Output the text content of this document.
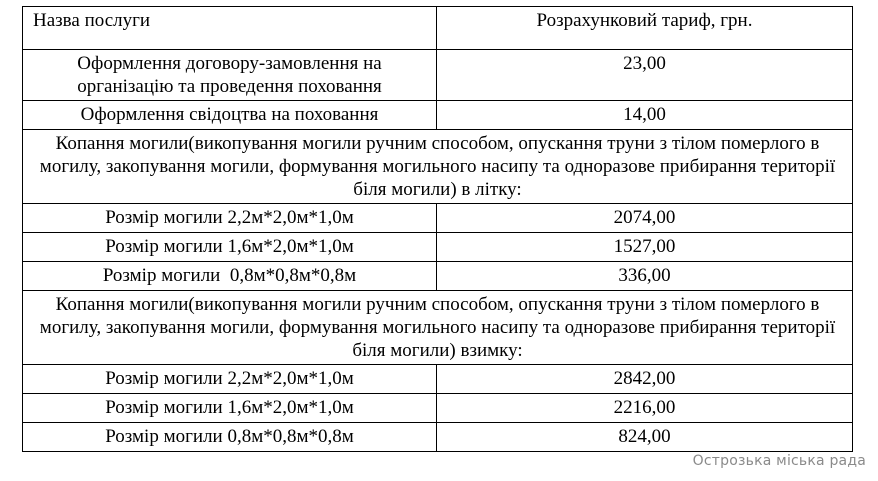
Назва послуги	Розрахунковий тариф, грн.
Оформлення договору-замовлення на організацію та проведення поховання	23,00
Оформлення свідоцтва на поховання	14,00
Копання могили(викопування могили ручним способом, опускання труни з тілом померлого в могилу, закопування могили, формування могильного насипу та одноразове прибирання території біля могили) в літку:	
Розмір могили 2,2м*2,0м*1,0м	2074,00
Розмір могили 1,6м*2,0м*1,0м	1527,00
Розмір могили  0,8м*0,8м*0,8м	336,00
Копання могили(викопування могили ручним способом, опускання труни з тілом померлого в могилу, закопування могили, формування могильного насипу та одноразове прибирання території біля могили) взимку:	
Розмір могили 2,2м*2,0м*1,0м	2842,00
Розмір могили 1,6м*2,0м*1,0м	2216,00
Розмір могили 0,8м*0,8м*0,8м	824,00
Острозька міська рада
